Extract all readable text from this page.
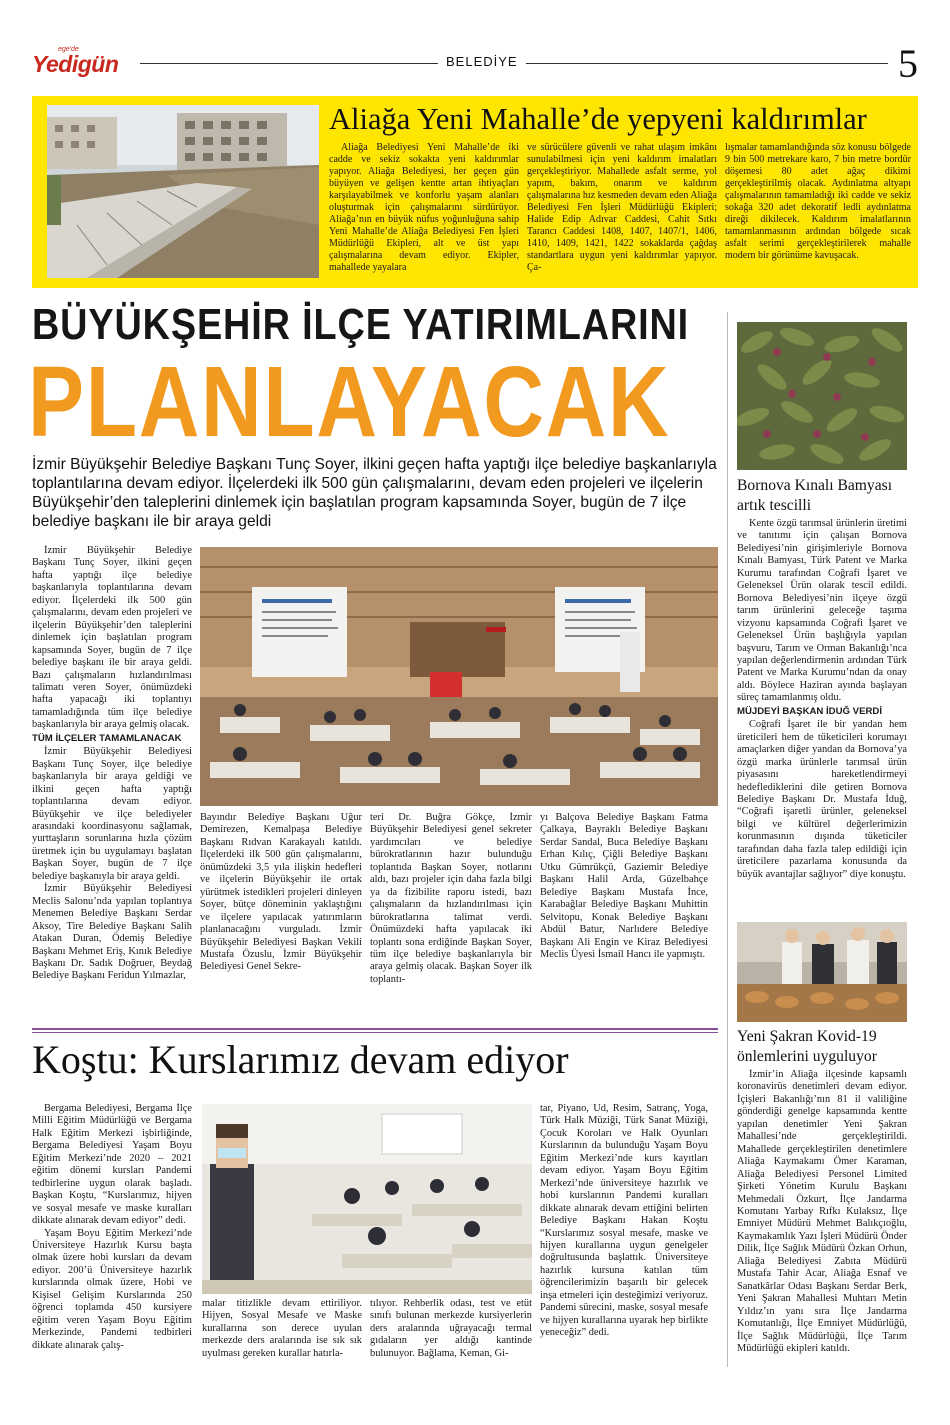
ege'de
Yedigün	BELEDİYE	5
Aliağa Yeni Mahalle’de yepyeni kaldırımlar

Aliağa Belediyesi Yeni Mahalle’de iki cadde ve sekiz sokakta yeni kaldırımlar yapıyor. Aliağa Belediyesi, her geçen gün büyüyen ve gelişen kentte artan ihtiyaçları karşılayabilmek ve konforlu yaşam alanları oluşturmak için çalışmalarını sürdürüyor. Aliağa’nın en büyük nüfus yoğunluğuna sahip Yeni Mahalle’de Aliağa Belediyesi Fen İşleri Müdürlüğü Ekipleri, alt ve üst yapı çalışmalarına devam ediyor. Ekipler, mahallede yayalara

ve sürücülere güvenli ve rahat ulaşım imkânı sunulabilmesi için yeni kaldırım imalatları gerçekleştiriyor. Mahallede asfalt serme, yol yapım, bakım, onarım ve kaldırım çalışmalarına hız kesmeden devam eden Aliağa Belediyesi Fen İşleri Müdürlüğü Ekipleri; Halide Edip Adıvar Caddesi, Cahit Sıtkı Tarancı Caddesi 1408, 1407, 1407/1, 1406, 1410, 1409, 1421, 1422 sokaklarda çağdaş standartlara uygun yeni kaldırımlar yapıyor. Ça-

lışmalar tamamlandığında söz konusu bölgede 9 bin 500 metrekare karo, 7 bin metre bordür döşemesi 80 adet ağaç dikimi gerçekleştirilmiş olacak. Aydınlatma altyapı çalışmalarının tamamladığı iki cadde ve sekiz sokağa 320 adet dekoratif ledli aydınlatma direği dikilecek. Kaldırım imalatlarının tamamlanmasının ardından bölgede sıcak asfalt serimi gerçekleştirilerek mahalle modern bir görünüme kavuşacak.

BÜYÜKŞEHİR İLÇE YATIRIMLARINI
PLANLAYACAK
İzmir Büyükşehir Belediye Başkanı Tunç Soyer, ilkini geçen hafta yaptığı ilçe belediye başkanlarıyla toplantılarına devam ediyor. İlçelerdeki ilk 500 gün çalışmalarını, devam eden projeleri ve ilçelerin Büyükşehir’den taleplerini dinlemek için başlatılan program kapsamında Soyer, bugün de 7 ilçe belediye başkanı ile bir araya geldi

İzmir Büyükşehir Belediye Başkanı Tunç Soyer, ilkini geçen hafta yaptığı ilçe belediye başkanlarıyla toplantılarına devam ediyor. İlçelerdeki ilk 500 gün çalışmalarını, devam eden projeleri ve ilçelerin Büyükşehir’den taleplerini dinlemek için başlatılan program kapsamında Soyer, bugün de 7 ilçe belediye başkanı ile bir araya geldi. Bazı çalışmaların hızlandırılması talimatı veren Soyer, önümüzdeki hafta yapacağı iki toplantıyı tamamladığında tüm ilçe belediye başkanlarıyla bir araya gelmiş olacak.

TÜM İLÇELER TAMAMLANACAK

İzmir Büyükşehir Belediyesi Başkanı Tunç Soyer, ilçe belediye başkanlarıyla bir araya geldiği ve ilkini geçen hafta yaptığı toplantılarına devam ediyor. Büyükşehir ve ilçe belediyeler arasındaki koordinasyonu sağlamak, yurttaşların sorunlarına hızla çözüm üretmek için bu uygulamayı başlatan Başkan Soyer, bugün de 7 ilçe belediye başkanıyla bir araya geldi.

İzmir Büyükşehir Belediyesi Meclis Salonu’nda yapılan toplantıya Menemen Belediye Başkanı Serdar Aksoy, Tire Belediye Başkanı Salih Atakan Duran, Ödemiş Belediye Başkanı Mehmet Eriş, Kınık Belediye Başkanı Dr. Sadık Doğruer, Beydağ Belediye Başkanı Feridun Yılmazlar,

Bayındır Belediye Başkanı Uğur Demirezen, Kemalpaşa Belediye Başkanı Rıdvan Karakayalı katıldı. İlçelerdeki ilk 500 gün çalışmalarını, önümüzdeki 3,5 yıla ilişkin hedefleri ve ilçelerin Büyükşehir ile ortak yürütmek istedikleri projeleri dinleyen Soyer, bütçe döneminin yaklaştığını ve ilçelere yapılacak yatırımların planlanacağını vurguladı. İzmir Büyükşehir Belediyesi Başkan Vekili Mustafa Özuslu, İzmir Büyükşehir Belediyesi Genel Sekre-

teri Dr. Buğra Gökçe, İzmir Büyükşehir Belediyesi genel sekreter yardımcıları ve belediye bürokratlarının hazır bulunduğu toplantıda Başkan Soyer, notlarını aldı, bazı projeler için daha fazla bilgi ya da fizibilite raporu istedi, bazı çalışmaların da hızlandırılması için bürokratlarına talimat verdi. Önümüzdeki hafta yapılacak iki toplantı sona erdiğinde Başkan Soyer, tüm ilçe belediye başkanlarıyla bir araya gelmiş olacak. Başkan Soyer ilk toplantı-

yı Balçova Belediye Başkanı Fatma Çalkaya, Bayraklı Belediye Başkanı Serdar Sandal, Buca Belediye Başkanı Erhan Kılıç, Çiğli Belediye Başkanı Utku Gümrükçü, Gaziemir Belediye Başkanı Halil Arda, Güzelbahçe Belediye Başkanı Mustafa İnce, Karabağlar Belediye Başkanı Muhittin Selvitopu, Konak Belediye Başkanı Abdül Batur, Narlıdere Belediye Başkanı Ali Engin ve Kiraz Belediyesi Meclis Üyesi İsmail Hancı ile yapmıştı.

Bornova Kınalı Bamyası artık tescilli

Kente özgü tarımsal ürünlerin üretimi ve tanıtımı için çalışan Bornova Belediyesi’nin girişimleriyle Bornova Kınalı Bamyası, Türk Patent ve Marka Kurumu tarafından Coğrafi İşaret ve Geleneksel Ürün olarak tescil edildi. Bornova Belediyesi’nin ilçeye özgü tarım ürünlerini geleceğe taşıma vizyonu kapsamında Coğrafi İşaret ve Geleneksel Ürün başlığıyla yapılan başvuru, Tarım ve Orman Bakanlığı’nca yapılan değerlendirmenin ardından Türk Patent ve Marka Kurumu’ndan da onay aldı. Böylece Haziran ayında başlayan süreç tamamlanmış oldu.

MÜJDEYİ BAŞKAN İDUĞ VERDİ

Coğrafi İşaret ile bir yandan hem üreticileri hem de tüketicileri korumayı amaçlarken diğer yandan da Bornova’ya özgü marka ürünlerle tarımsal ürün piyasasını hareketlendirmeyi hedeflediklerini dile getiren Bornova Belediye Başkanı Dr. Mustafa İduğ, “Coğrafi işaretli ürünler, geleneksel bilgi ve kültürel değerlerimizin korunmasının dışında tüketiciler tarafından daha fazla talep edildiği için üreticilere pazarlama konusunda da büyük avantajlar sağlıyor” diye konuştu.

Yeni Şakran Kovid-19 önlemlerini uyguluyor

İzmir’in Aliağa ilçesinde kapsamlı koronavirüs denetimleri devam ediyor. İçişleri Bakanlığı’nın 81 il valiliğine gönderdiği genelge kapsamında kentte yapılan denetimler Yeni Şakran Mahallesi’nde gerçekleştirildi. Mahallede gerçekleştirilen denetimlere Aliağa Kaymakamı Ömer Karaman, Aliağa Belediyesi Personel Limited Şirketi Yönetim Kurulu Başkanı Mehmedali Özkurt, İlçe Jandarma Komutanı Yarbay Rıfkı Kulaksız, İlçe Emniyet Müdürü Mehmet Balıkçıoğlu, Kaymakamlık Yazı İşleri Müdürü Önder Dilik, İlçe Sağlık Müdürü Özkan Orhun, Aliağa Belediyesi Zabıta Müdürü Mustafa Tahir Acar, Aliağa Esnaf ve Sanatkârlar Odası Başkanı Serdar Berk, Yeni Şakran Mahallesi Muhtarı Metin Yıldız’ın yanı sıra İlçe Jandarma Komutanlığı, İlçe Emniyet Müdürlüğü, İlçe Sağlık Müdürlüğü, İlçe Tarım Müdürlüğü ekipleri katıldı.

Koştu: Kurslarımız devam ediyor

Bergama Belediyesi, Bergama İlçe Milli Eğitim Müdürlüğü ve Bergama Halk Eğitim Merkezi işbirliğinde, Bergama Belediyesi Yaşam Boyu Eğitim Merkezi’nde 2020 – 2021 eğitim dönemi kursları Pandemi tedbirlerine uygun olarak başladı. Başkan Koştu, “Kurslarımız, hijyen ve sosyal mesafe ve maske kuralları dikkate alınarak devam ediyor” dedi.

Yaşam Boyu Eğitim Merkezi’nde Üniversiteye Hazırlık Kursu başta olmak üzere hobi kursları da devam ediyor. 200’ü Üniversiteye hazırlık kurslarında olmak üzere, Hobi ve Kişisel Gelişim Kurslarında 250 öğrenci toplamda 450 kursiyere eğitim veren Yaşam Boyu Eğitim Merkezinde, Pandemi tedbirleri dikkate alınarak çalış-

malar titizlikle devam ettiriliyor. Hijyen, Sosyal Mesafe ve Maske kurallarına son derece uyulan merkezde ders aralarında ise sık sık uyulması gereken kurallar hatırla-

tılıyor. Rehberlik odası, test ve etüt sınıfı bulunan merkezde kursiyerlerin ders aralarında uğrayacağı termal gıdaların yer aldığı kantinde bulunuyor. Bağlama, Keman, Gi-

tar, Piyano, Ud, Resim, Satranç, Yoga, Türk Halk Müziği, Türk Sanat Müziği, Çocuk Koroları ve Halk Oyunları Kurslarının da bulunduğu Yaşam Boyu Eğitim Merkezi’nde kurs kayıtları devam ediyor. Yaşam Boyu Eğitim Merkezi’nde üniversiteye hazırlık ve hobi kurslarının Pandemi kuralları dikkate alınarak devam ettiğini belirten Belediye Başkanı Hakan Koştu “Kurslarımız sosyal mesafe, maske ve hijyen kurallarına uygun genelgeler doğrultusunda başlattık. Üniversiteye hazırlık kursuna katılan tüm öğrencilerimizin başarılı bir gelecek inşa etmeleri için desteğimizi veriyoruz. Pandemi sürecini, maske, sosyal mesafe ve hijyen kurallarına uyarak hep birlikte yeneceğiz” dedi.
